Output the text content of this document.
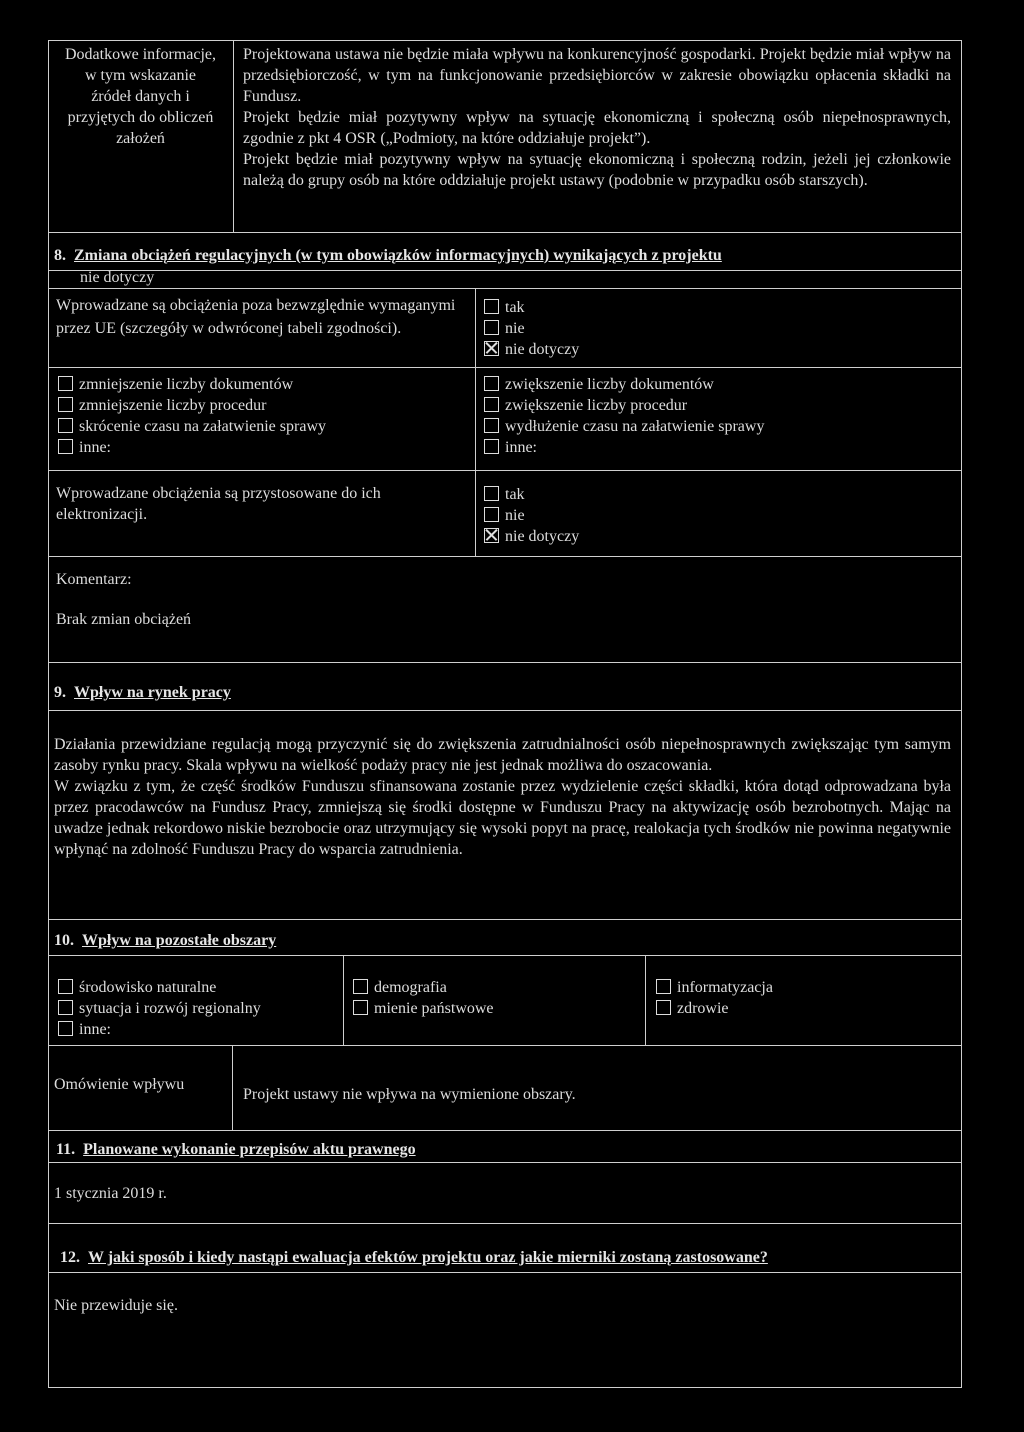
Dodatkowe informacje,
w tym wskazanie
źródeł danych i
przyjętych do obliczeń
założeń
Projektowana ustawa nie będzie miała wpływu na konkurencyjność gospodarki. Projekt będzie miał wpływ na przedsiębiorczość, w tym na funkcjonowanie przedsiębiorców w zakresie obowiązku opłacenia składki na Fundusz.
Projekt będzie miał pozytywny wpływ na sytuację ekonomiczną i społeczną osób niepełnosprawnych, zgodnie z pkt 4 OSR („Podmioty, na które oddziałuje projekt”).
Projekt będzie miał pozytywny wpływ na sytuację ekonomiczną i społeczną rodzin, jeżeli jej członkowie należą do grupy osób na które oddziałuje projekt ustawy (podobnie w przypadku osób starszych).
8. Zmiana obciążeń regulacyjnych (w tym obowiązków informacyjnych) wynikających z projektu
nie dotyczy
Wprowadzane są obciążenia poza bezwzględnie wymaganymi przez UE (szczegóły w odwróconej tabeli zgodności).
tak
nie
nie dotyczy
zmniejszenie liczby dokumentów
zmniejszenie liczby procedur
skrócenie czasu na załatwienie sprawy
inne:
zwiększenie liczby dokumentów
zwiększenie liczby procedur
wydłużenie czasu na załatwienie sprawy
inne:
Wprowadzane obciążenia są przystosowane do ich elektronizacji.
tak
nie
nie dotyczy
Komentarz:
Brak zmian obciążeń
9. Wpływ na rynek pracy
Działania przewidziane regulacją mogą przyczynić się do zwiększenia zatrudnialności osób niepełnosprawnych zwiększając tym samym zasoby rynku pracy. Skala wpływu na wielkość podaży pracy nie jest jednak możliwa do oszacowania.
W związku z tym, że część środków Funduszu sfinansowana zostanie przez wydzielenie części składki, która dotąd odprowadzana była przez pracodawców na Fundusz Pracy, zmniejszą się środki dostępne w Funduszu Pracy na aktywizację osób bezrobotnych. Mając na uwadze jednak rekordowo niskie bezrobocie oraz utrzymujący się wysoki popyt na pracę, realokacja tych środków nie powinna negatywnie wpłynąć na zdolność Funduszu Pracy do wsparcia zatrudnienia.
10. Wpływ na pozostałe obszary
środowisko naturalne
sytuacja i rozwój regionalny
inne:
demografia
mienie państwowe
informatyzacja
zdrowie
Omówienie wpływu
Projekt ustawy nie wpływa na wymienione obszary.
11. Planowane wykonanie przepisów aktu prawnego
1 stycznia 2019 r.
12. W jaki sposób i kiedy nastąpi ewaluacja efektów projektu oraz jakie mierniki zostaną zastosowane?
Nie przewiduje się.
